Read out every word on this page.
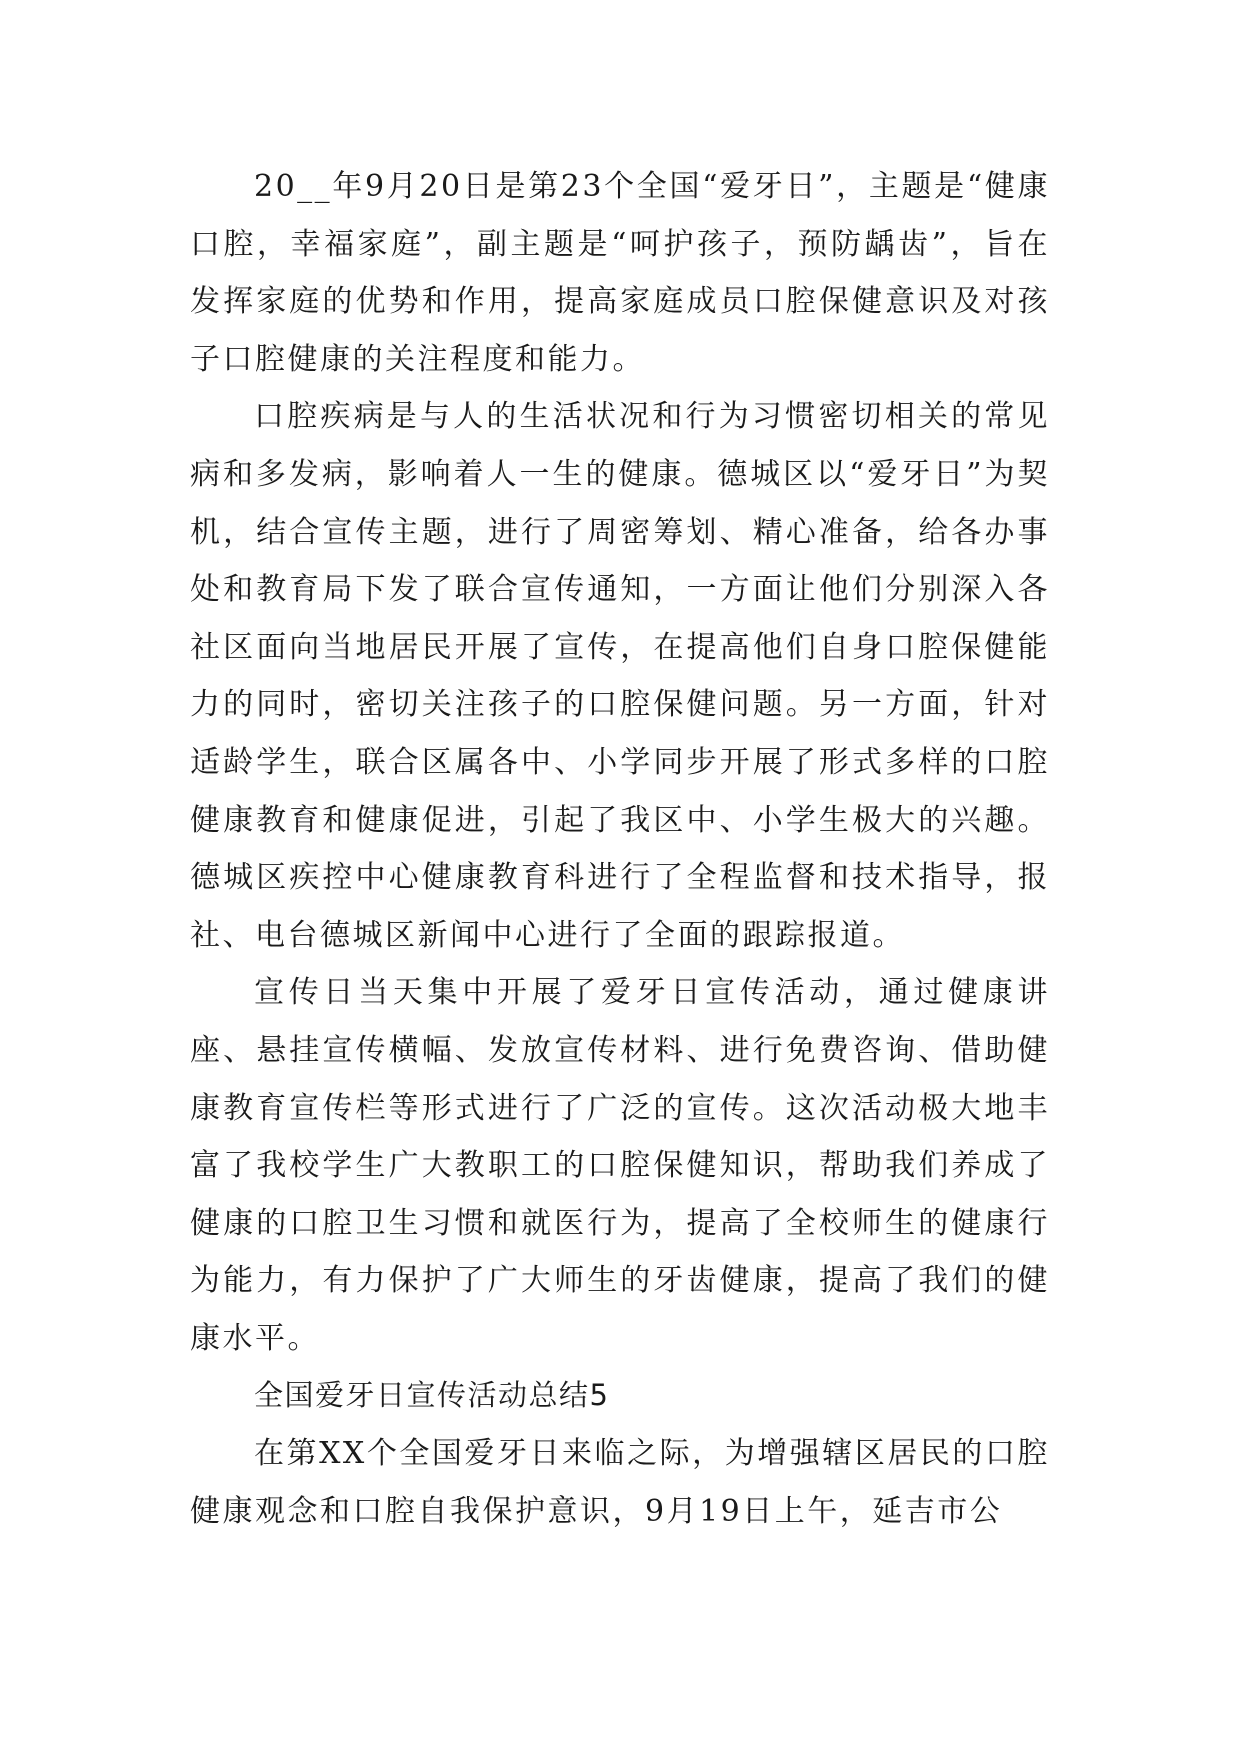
20__年9月20日是第23个全国“爱牙日”，主题是“健康口腔，幸福家庭”，副主题是“呵护孩子，预防龋齿”，旨在发挥家庭的优势和作用，提高家庭成员口腔保健意识及对孩子口腔健康的关注程度和能力。

口腔疾病是与人的生活状况和行为习惯密切相关的常见病和多发病，影响着人一生的健康。德城区以“爱牙日”为契机，结合宣传主题，进行了周密筹划、精心准备，给各办事处和教育局下发了联合宣传通知，一方面让他们分别深入各社区面向当地居民开展了宣传，在提高他们自身口腔保健能力的同时，密切关注孩子的口腔保健问题。另一方面，针对适龄学生，联合区属各中、小学同步开展了形式多样的口腔健康教育和健康促进，引起了我区中、小学生极大的兴趣。德城区疾控中心健康教育科进行了全程监督和技术指导，报社、电台德城区新闻中心进行了全面的跟踪报道。

宣传日当天集中开展了爱牙日宣传活动，通过健康讲座、悬挂宣传横幅、发放宣传材料、进行免费咨询、借助健康教育宣传栏等形式进行了广泛的宣传。这次活动极大地丰富了我校学生广大教职工的口腔保健知识，帮助我们养成了健康的口腔卫生习惯和就医行为，提高了全校师生的健康行为能力，有力保护了广大师生的牙齿健康，提高了我们的健康水平。

全国爱牙日宣传活动总结5

在第XX个全国爱牙日来临之际，为增强辖区居民的口腔健康观念和口腔自我保护意识，9月19日上午，延吉市公
